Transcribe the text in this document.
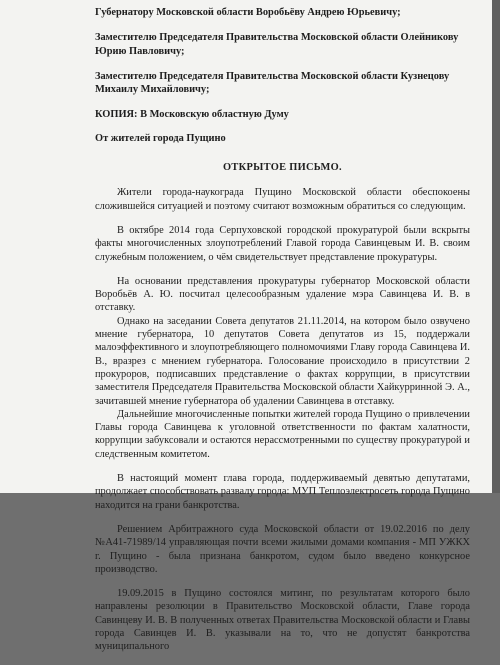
Губернатору Московской области Воробьёву Андрею Юрьевичу;

Заместителю Председателя Правительства Московской области Олейникову Юрию Павловичу;

Заместителю Председателя Правительства Московской области Кузнецову Михаилу Михайловичу;

КОПИЯ: В Московскую областную Думу

От жителей города Пущино

ОТКРЫТОЕ ПИСЬМО.

Жители города-наукограда Пущино Московской области обеспокоены сложившейся ситуацией и поэтому считают возможным обратиться со следующим.

В октябре 2014 года Серпуховской городской прокуратурой были вскрыты факты многочисленных злоупотреблений Главой города Савинцевым И. В. своим служебным положением, о чём свидетельствует представление прокуратуры.

На основании представления прокуратуры губернатор Московской области Воробьёв А. Ю. посчитал целесообразным удаление мэра Савинцева И. В. в отставку.

Однако на заседании Совета депутатов 21.11.2014, на котором было озвучено мнение губернатора, 10 депутатов Совета депутатов из 15, поддержали малоэффективного и злоупотребляющего полномочиями Главу города Савинцева И. В., вразрез с мнением губернатора. Голосование происходило в присутствии 2 прокуроров, подписавших представление о фактах коррупции, в присутствии заместителя Председателя Правительства Московской области Хайкурринной Э. А., зачитавшей мнение губернатора об удалении Савинцева в отставку.

Дальнейшие многочисленные попытки жителей города Пущино о привлечении Главы города Савинцева к уголовной ответственности по фактам халатности, коррупции забуксовали и остаются нерассмотренными по существу прокуратурой и следственным комитетом.

В настоящий момент глава города, поддерживаемый девятью депутатами, продолжает способствовать развалу города: МУП Теплоэлектросеть города Пущино находится на грани банкротства.

Решением Арбитражного суда Московской области от 19.02.2016 по делу №А41-71989/14 управляющая почти всеми жилыми домами компания - МП УЖКХ г. Пущино - была признана банкротом, судом было введено конкурсное производство.

19.09.2015 в Пущино состоялся митинг, по результатам которого было направлены резолюции в Правительство Московской области, Главе города Савинцеву И. В. В полученных ответах Правительства Московской области и Главы города Савинцев И. В. указывали на то, что не допустят банкротства муниципального
